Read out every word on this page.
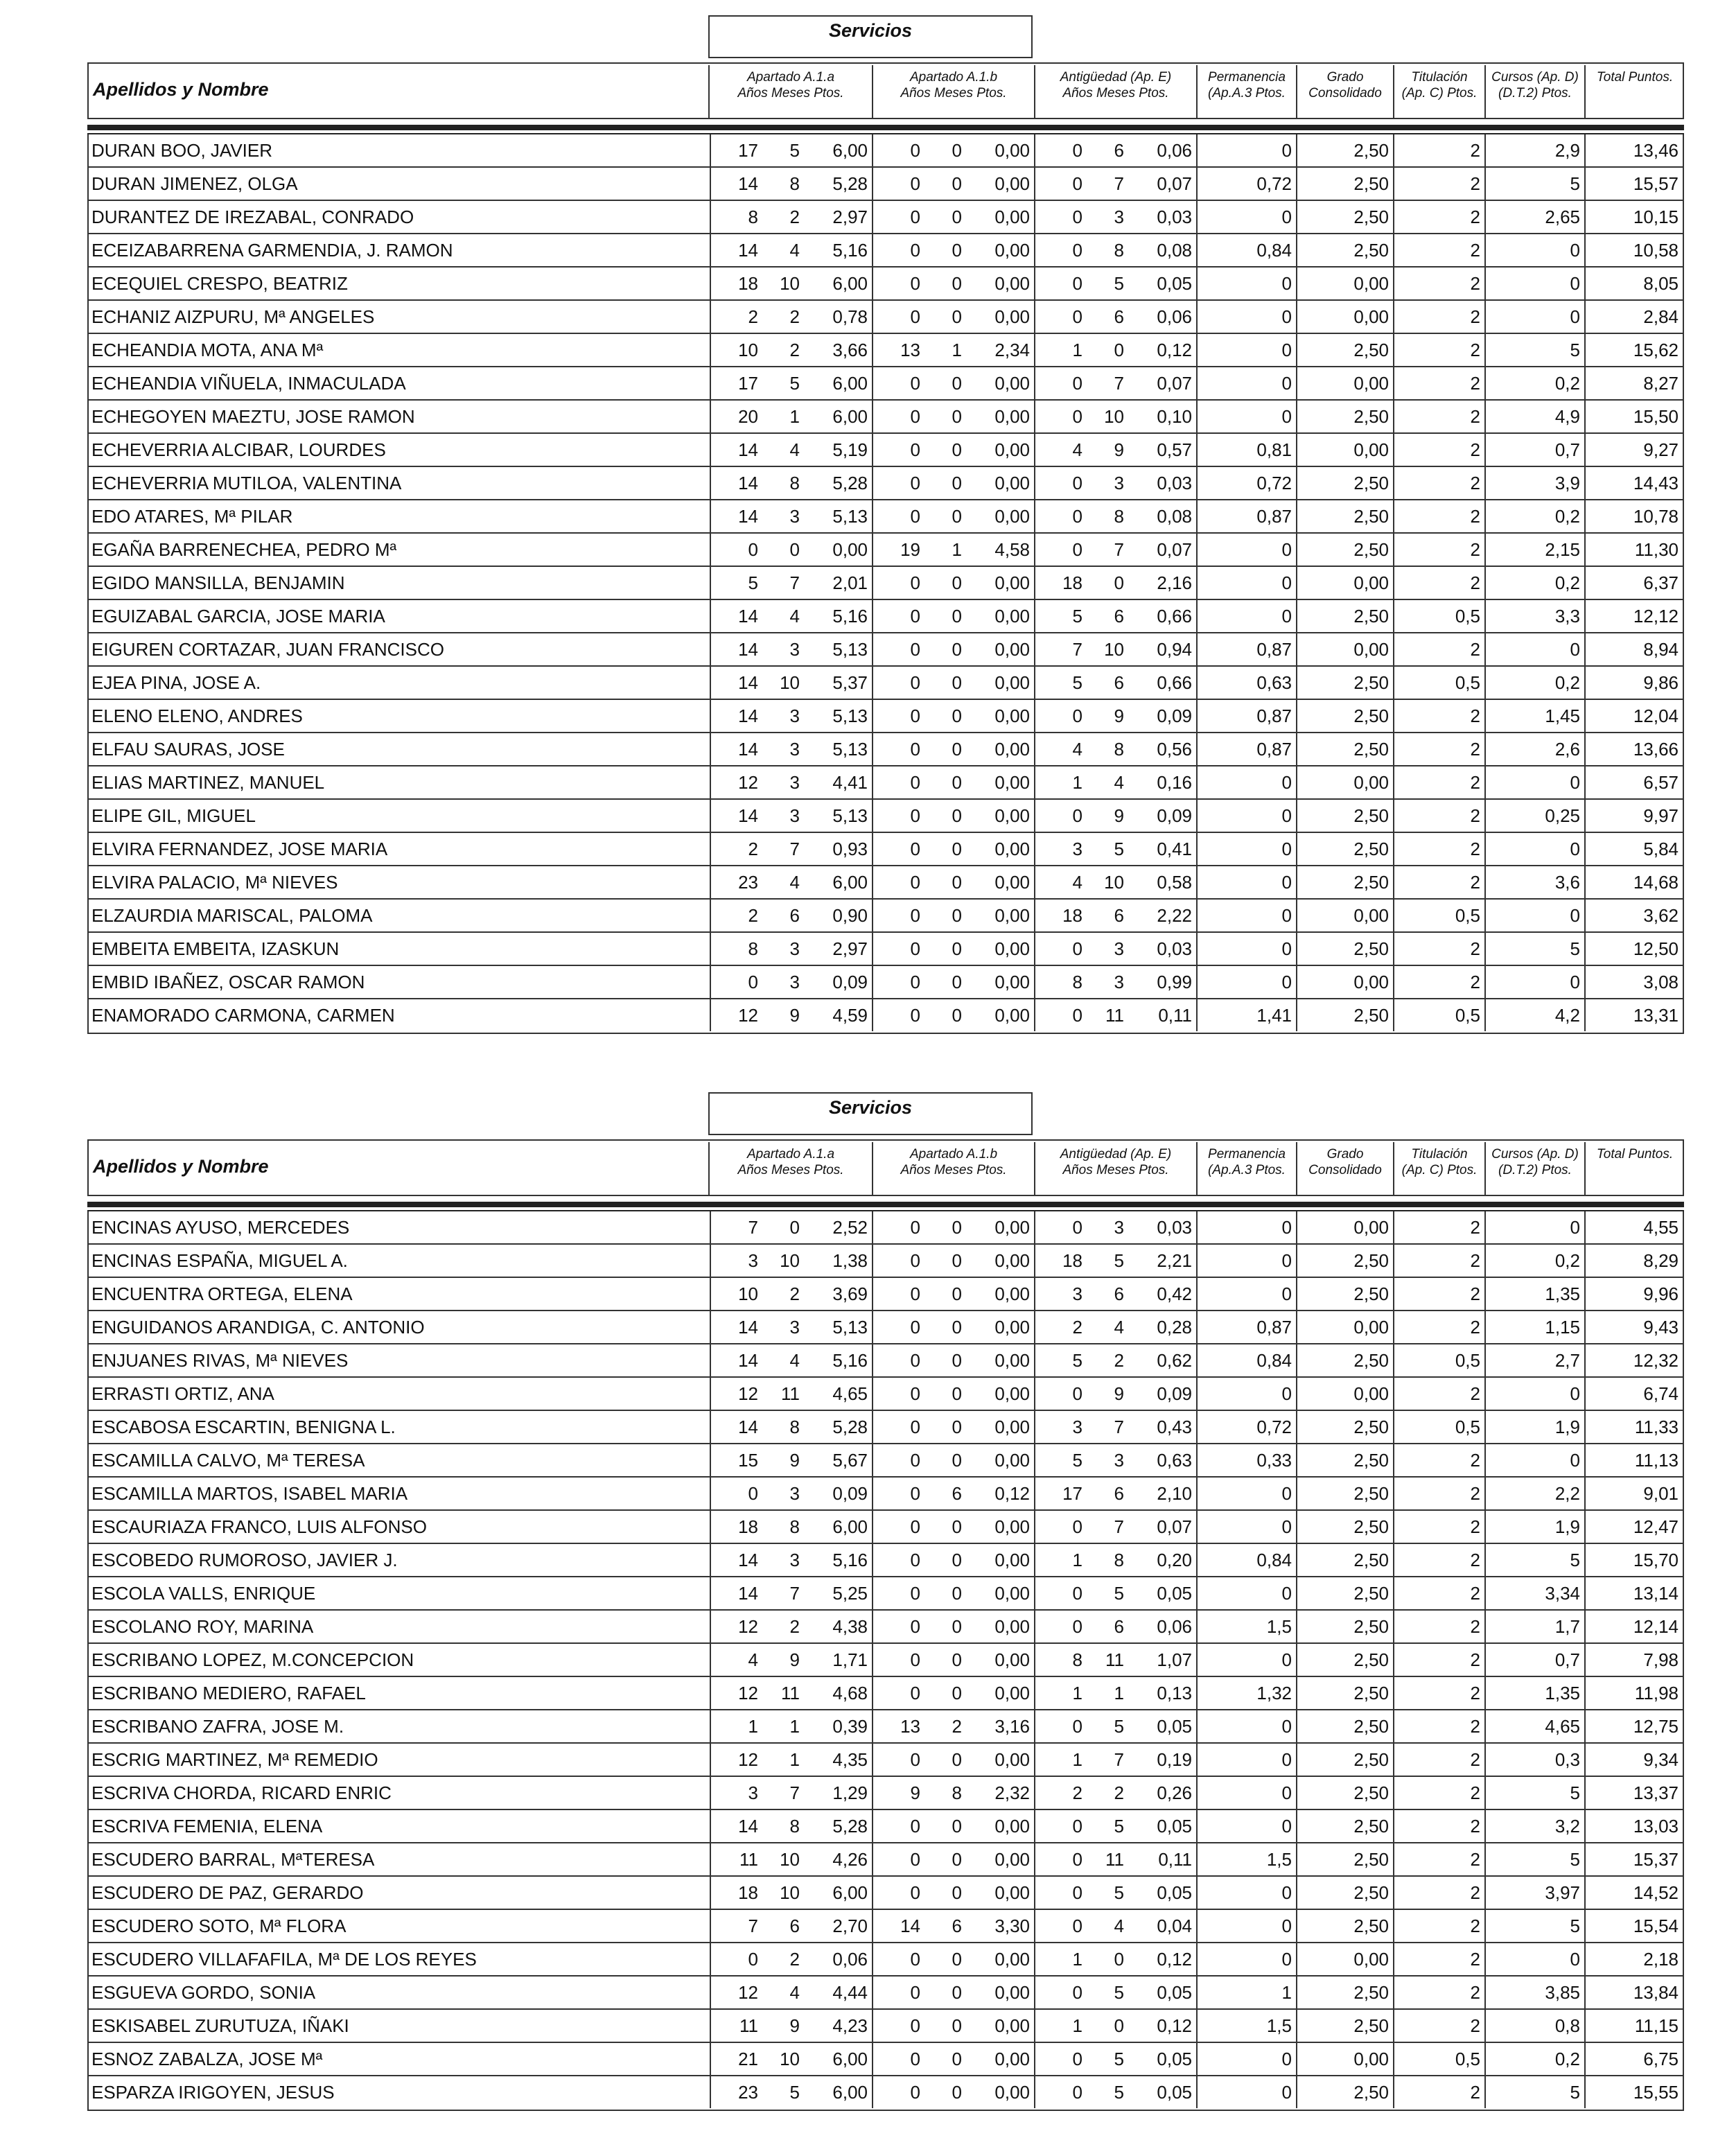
Servicios
Apellidos y Nombre
Apartado A.1.a
Años Meses Ptos.
Apartado A.1.b
Años Meses Ptos.
Antigüedad (Ap. E)
Años Meses Ptos.
Permanencia
(Ap.A.3 Ptos.
Grado
Consolidado
Titulación
(Ap. C) Ptos.
Cursos (Ap. D)
(D.T.2) Ptos.
Total Puntos.
DURAN BOO, JAVIER	17	5	6,00	0	0	0,00	0	6	0,06	0	2,50	2	2,9	13,46
DURAN JIMENEZ, OLGA	14	8	5,28	0	0	0,00	0	7	0,07	0,72	2,50	2	5	15,57
DURANTEZ DE IREZABAL, CONRADO	8	2	2,97	0	0	0,00	0	3	0,03	0	2,50	2	2,65	10,15
ECEIZABARRENA GARMENDIA, J. RAMON	14	4	5,16	0	0	0,00	0	8	0,08	0,84	2,50	2	0	10,58
ECEQUIEL CRESPO, BEATRIZ	18	10	6,00	0	0	0,00	0	5	0,05	0	0,00	2	0	8,05
ECHANIZ AIZPURU, Mª ANGELES	2	2	0,78	0	0	0,00	0	6	0,06	0	0,00	2	0	2,84
ECHEANDIA MOTA, ANA Mª	10	2	3,66	13	1	2,34	1	0	0,12	0	2,50	2	5	15,62
ECHEANDIA VIÑUELA, INMACULADA	17	5	6,00	0	0	0,00	0	7	0,07	0	0,00	2	0,2	8,27
ECHEGOYEN MAEZTU, JOSE RAMON	20	1	6,00	0	0	0,00	0	10	0,10	0	2,50	2	4,9	15,50
ECHEVERRIA ALCIBAR, LOURDES	14	4	5,19	0	0	0,00	4	9	0,57	0,81	0,00	2	0,7	9,27
ECHEVERRIA MUTILOA, VALENTINA	14	8	5,28	0	0	0,00	0	3	0,03	0,72	2,50	2	3,9	14,43
EDO ATARES, Mª PILAR	14	3	5,13	0	0	0,00	0	8	0,08	0,87	2,50	2	0,2	10,78
EGAÑA BARRENECHEA, PEDRO Mª	0	0	0,00	19	1	4,58	0	7	0,07	0	2,50	2	2,15	11,30
EGIDO MANSILLA, BENJAMIN	5	7	2,01	0	0	0,00	18	0	2,16	0	0,00	2	0,2	6,37
EGUIZABAL GARCIA, JOSE MARIA	14	4	5,16	0	0	0,00	5	6	0,66	0	2,50	0,5	3,3	12,12
EIGUREN CORTAZAR, JUAN FRANCISCO	14	3	5,13	0	0	0,00	7	10	0,94	0,87	0,00	2	0	8,94
EJEA PINA, JOSE A.	14	10	5,37	0	0	0,00	5	6	0,66	0,63	2,50	0,5	0,2	9,86
ELENO ELENO, ANDRES	14	3	5,13	0	0	0,00	0	9	0,09	0,87	2,50	2	1,45	12,04
ELFAU SAURAS, JOSE	14	3	5,13	0	0	0,00	4	8	0,56	0,87	2,50	2	2,6	13,66
ELIAS MARTINEZ, MANUEL	12	3	4,41	0	0	0,00	1	4	0,16	0	0,00	2	0	6,57
ELIPE GIL, MIGUEL	14	3	5,13	0	0	0,00	0	9	0,09	0	2,50	2	0,25	9,97
ELVIRA FERNANDEZ, JOSE MARIA	2	7	0,93	0	0	0,00	3	5	0,41	0	2,50	2	0	5,84
ELVIRA PALACIO, Mª NIEVES	23	4	6,00	0	0	0,00	4	10	0,58	0	2,50	2	3,6	14,68
ELZAURDIA MARISCAL, PALOMA	2	6	0,90	0	0	0,00	18	6	2,22	0	0,00	0,5	0	3,62
EMBEITA EMBEITA, IZASKUN	8	3	2,97	0	0	0,00	0	3	0,03	0	2,50	2	5	12,50
EMBID IBAÑEZ, OSCAR RAMON	0	3	0,09	0	0	0,00	8	3	0,99	0	0,00	2	0	3,08
ENAMORADO CARMONA, CARMEN	12	9	4,59	0	0	0,00	0	11	0,11	1,41	2,50	0,5	4,2	13,31
Servicios
Apellidos y Nombre
Apartado A.1.a
Años Meses Ptos.
Apartado A.1.b
Años Meses Ptos.
Antigüedad (Ap. E)
Años Meses Ptos.
Permanencia
(Ap.A.3 Ptos.
Grado
Consolidado
Titulación
(Ap. C) Ptos.
Cursos (Ap. D)
(D.T.2) Ptos.
Total Puntos.
ENCINAS AYUSO, MERCEDES	7	0	2,52	0	0	0,00	0	3	0,03	0	0,00	2	0	4,55
ENCINAS ESPAÑA, MIGUEL A.	3	10	1,38	0	0	0,00	18	5	2,21	0	2,50	2	0,2	8,29
ENCUENTRA ORTEGA, ELENA	10	2	3,69	0	0	0,00	3	6	0,42	0	2,50	2	1,35	9,96
ENGUIDANOS ARANDIGA, C. ANTONIO	14	3	5,13	0	0	0,00	2	4	0,28	0,87	0,00	2	1,15	9,43
ENJUANES RIVAS, Mª NIEVES	14	4	5,16	0	0	0,00	5	2	0,62	0,84	2,50	0,5	2,7	12,32
ERRASTI ORTIZ, ANA	12	11	4,65	0	0	0,00	0	9	0,09	0	0,00	2	0	6,74
ESCABOSA ESCARTIN, BENIGNA L.	14	8	5,28	0	0	0,00	3	7	0,43	0,72	2,50	0,5	1,9	11,33
ESCAMILLA CALVO, Mª TERESA	15	9	5,67	0	0	0,00	5	3	0,63	0,33	2,50	2	0	11,13
ESCAMILLA MARTOS, ISABEL MARIA	0	3	0,09	0	6	0,12	17	6	2,10	0	2,50	2	2,2	9,01
ESCAURIAZA FRANCO, LUIS ALFONSO	18	8	6,00	0	0	0,00	0	7	0,07	0	2,50	2	1,9	12,47
ESCOBEDO RUMOROSO, JAVIER J.	14	3	5,16	0	0	0,00	1	8	0,20	0,84	2,50	2	5	15,70
ESCOLA VALLS, ENRIQUE	14	7	5,25	0	0	0,00	0	5	0,05	0	2,50	2	3,34	13,14
ESCOLANO ROY, MARINA	12	2	4,38	0	0	0,00	0	6	0,06	1,5	2,50	2	1,7	12,14
ESCRIBANO LOPEZ, M.CONCEPCION	4	9	1,71	0	0	0,00	8	11	1,07	0	2,50	2	0,7	7,98
ESCRIBANO MEDIERO, RAFAEL	12	11	4,68	0	0	0,00	1	1	0,13	1,32	2,50	2	1,35	11,98
ESCRIBANO ZAFRA, JOSE M.	1	1	0,39	13	2	3,16	0	5	0,05	0	2,50	2	4,65	12,75
ESCRIG MARTINEZ, Mª REMEDIO	12	1	4,35	0	0	0,00	1	7	0,19	0	2,50	2	0,3	9,34
ESCRIVA CHORDA, RICARD ENRIC	3	7	1,29	9	8	2,32	2	2	0,26	0	2,50	2	5	13,37
ESCRIVA FEMENIA, ELENA	14	8	5,28	0	0	0,00	0	5	0,05	0	2,50	2	3,2	13,03
ESCUDERO BARRAL, MªTERESA	11	10	4,26	0	0	0,00	0	11	0,11	1,5	2,50	2	5	15,37
ESCUDERO DE PAZ, GERARDO	18	10	6,00	0	0	0,00	0	5	0,05	0	2,50	2	3,97	14,52
ESCUDERO SOTO, Mª FLORA	7	6	2,70	14	6	3,30	0	4	0,04	0	2,50	2	5	15,54
ESCUDERO VILLAFAFILA, Mª DE LOS REYES	0	2	0,06	0	0	0,00	1	0	0,12	0	0,00	2	0	2,18
ESGUEVA GORDO, SONIA	12	4	4,44	0	0	0,00	0	5	0,05	1	2,50	2	3,85	13,84
ESKISABEL ZURUTUZA, IÑAKI	11	9	4,23	0	0	0,00	1	0	0,12	1,5	2,50	2	0,8	11,15
ESNOZ ZABALZA, JOSE Mª	21	10	6,00	0	0	0,00	0	5	0,05	0	0,00	0,5	0,2	6,75
ESPARZA IRIGOYEN, JESUS	23	5	6,00	0	0	0,00	0	5	0,05	0	2,50	2	5	15,55
